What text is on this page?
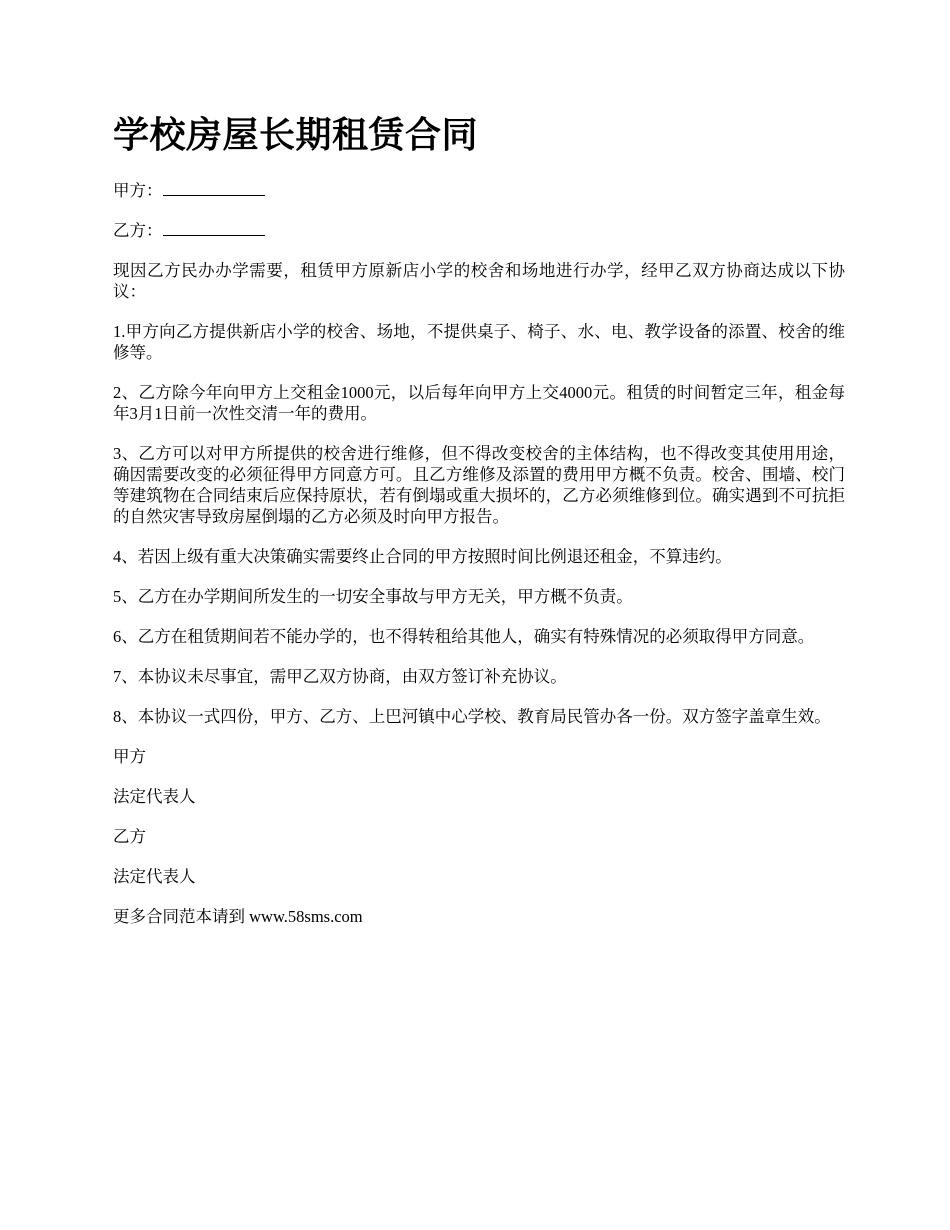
学校房屋长期租赁合同

甲方：

乙方：

现因乙方民办办学需要，租赁甲方原新店小学的校舍和场地进行办学，经甲乙双方协商达成以下协议：

1.甲方向乙方提供新店小学的校舍、场地，不提供桌子、椅子、水、电、教学设备的添置、校舍的维修等。

2、乙方除今年向甲方上交租金1000元，以后每年向甲方上交4000元。租赁的时间暂定三年，租金每年3月1日前一次性交清一年的费用。

3、乙方可以对甲方所提供的校舍进行维修，但不得改变校舍的主体结构，也不得改变其使用用途，确因需要改变的必须征得甲方同意方可。且乙方维修及添置的费用甲方概不负责。校舍、围墙、校门等建筑物在合同结束后应保持原状，若有倒塌或重大损坏的，乙方必须维修到位。确实遇到不可抗拒的自然灾害导致房屋倒塌的乙方必须及时向甲方报告。

4、若因上级有重大决策确实需要终止合同的甲方按照时间比例退还租金，不算违约。

5、乙方在办学期间所发生的一切安全事故与甲方无关，甲方概不负责。

6、乙方在租赁期间若不能办学的，也不得转租给其他人，确实有特殊情况的必须取得甲方同意。

7、本协议未尽事宜，需甲乙双方协商，由双方签订补充协议。

8、本协议一式四份，甲方、乙方、上巴河镇中心学校、教育局民管办各一份。双方签字盖章生效。

甲方

法定代表人

乙方

法定代表人

更多合同范本请到 www.58sms.com
